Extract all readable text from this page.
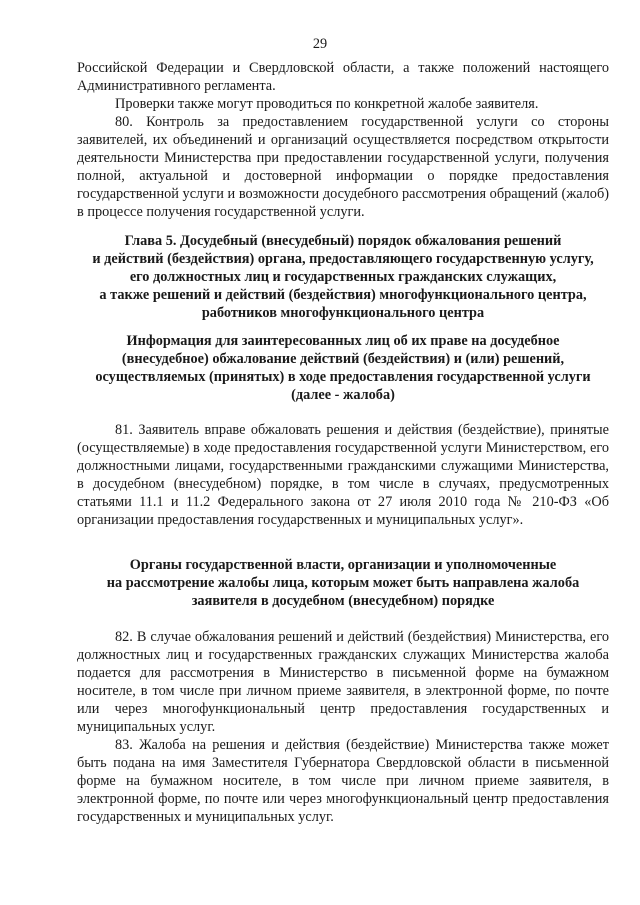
29

Российской Федерации и Свердловской области, а также положений настоящего Административного регламента.

Проверки также могут проводиться по конкретной жалобе заявителя.

80. Контроль за предоставлением государственной услуги со стороны заявителей, их объединений и организаций осуществляется посредством открытости деятельности Министерства при предоставлении государственной услуги, получения полной, актуальной и достоверной информации о порядке предоставления государственной услуги и возможности досудебного рассмотрения обращений (жалоб) в процессе получения государственной услуги.

Глава 5. Досудебный (внесудебный) порядок обжалования решений
и действий (бездействия) органа, предоставляющего государственную услугу,
его должностных лиц и государственных гражданских служащих,
а также решений и действий (бездействия) многофункционального центра,
работников многофункционального центра
Информация для заинтересованных лиц об их праве на досудебное
(внесудебное) обжалование действий (бездействия) и (или) решений,
осуществляемых (принятых) в ходе предоставления государственной услуги
(далее - жалоба)

81. Заявитель вправе обжаловать решения и действия (бездействие), принятые (осуществляемые) в ходе предоставления государственной услуги Министерством, его должностными лицами, государственными гражданскими служащими Министерства, в досудебном (внесудебном) порядке, в том числе в случаях, предусмотренных статьями 11.1 и 11.2 Федерального закона от 27 июля 2010 года № 210-ФЗ «Об организации предоставления государственных и муниципальных услуг».

Органы государственной власти, организации и уполномоченные
на рассмотрение жалобы лица, которым может быть направлена жалоба
заявителя в досудебном (внесудебном) порядке

82. В случае обжалования решений и действий (бездействия) Министерства, его должностных лиц и государственных гражданских служащих Министерства жалоба подается для рассмотрения в Министерство в письменной форме на бумажном носителе, в том числе при личном приеме заявителя, в электронной форме, по почте или через многофункциональный центр предоставления государственных и муниципальных услуг.

83. Жалоба на решения и действия (бездействие) Министерства также может быть подана на имя Заместителя Губернатора Свердловской области в письменной форме на бумажном носителе, в том числе при личном приеме заявителя, в электронной форме, по почте или через многофункциональный центр предоставления государственных и муниципальных услуг.
